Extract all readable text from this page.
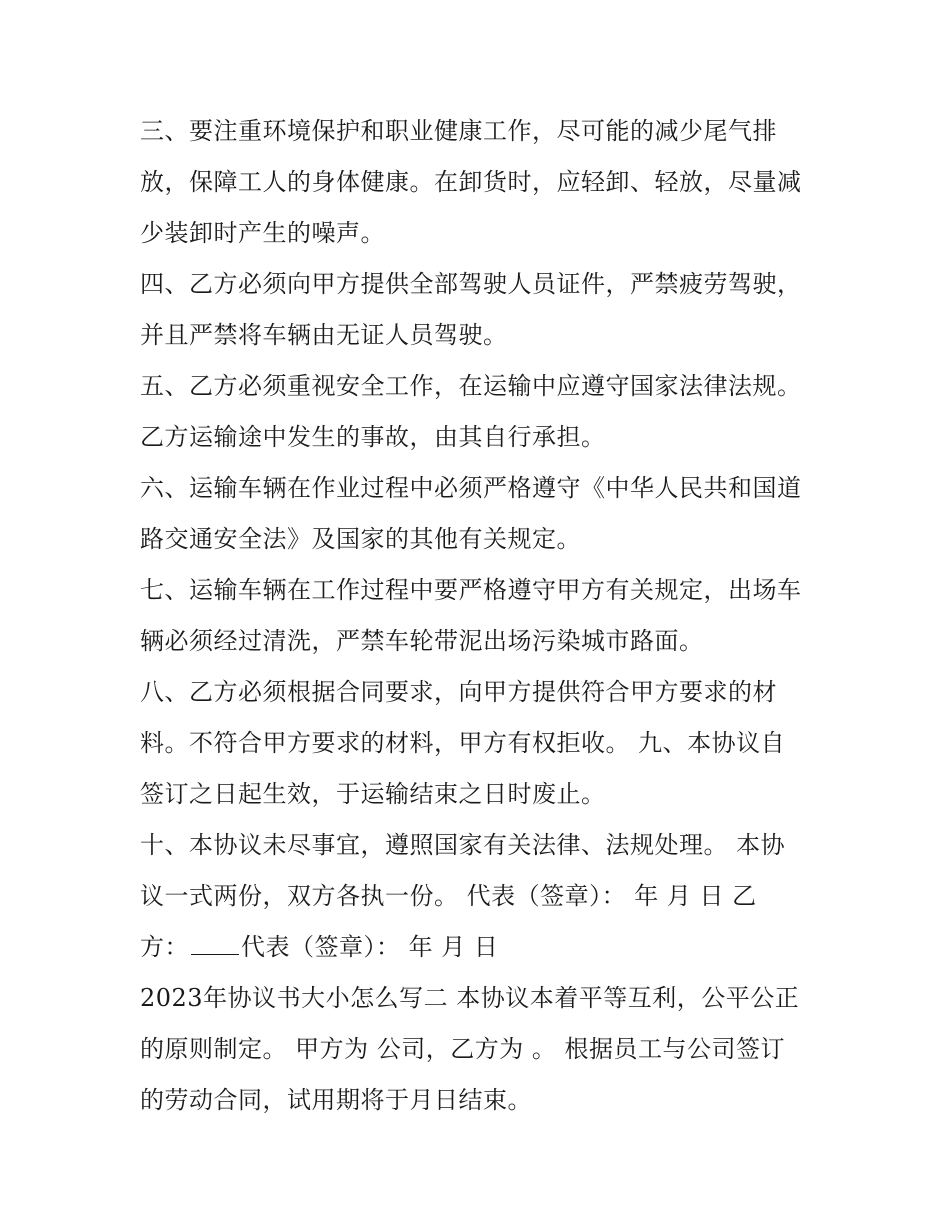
三、要注重环境保护和职业健康工作，尽可能的减少尾气排
放，保障工人的身体健康。在卸货时，应轻卸、轻放，尽量减
少装卸时产生的噪声。
四、乙方必须向甲方提供全部驾驶人员证件，严禁疲劳驾驶，
并且严禁将车辆由无证人员驾驶。
五、乙方必须重视安全工作，在运输中应遵守国家法律法规。
乙方运输途中发生的事故，由其自行承担。
六、运输车辆在作业过程中必须严格遵守《中华人民共和国道
路交通安全法》及国家的其他有关规定。
七、运输车辆在工作过程中要严格遵守甲方有关规定，出场车
辆必须经过清洗，严禁车轮带泥出场污染城市路面。
八、乙方必须根据合同要求，向甲方提供符合甲方要求的材
料。不符合甲方要求的材料，甲方有权拒收。 九、本协议自
签订之日起生效，于运输结束之日时废止。
十、本协议未尽事宜，遵照国家有关法律、法规处理。 本协
议一式两份，双方各执一份。 代表（签章）： 年 月 日 乙
方： 代表（签章）： 年 月 日
2023年协议书大小怎么写二 本协议本着平等互利，公平公正
的原则制定。 甲方为 公司，乙方为 。 根据员工与公司签订
的劳动合同，试用期将于月日结束。
